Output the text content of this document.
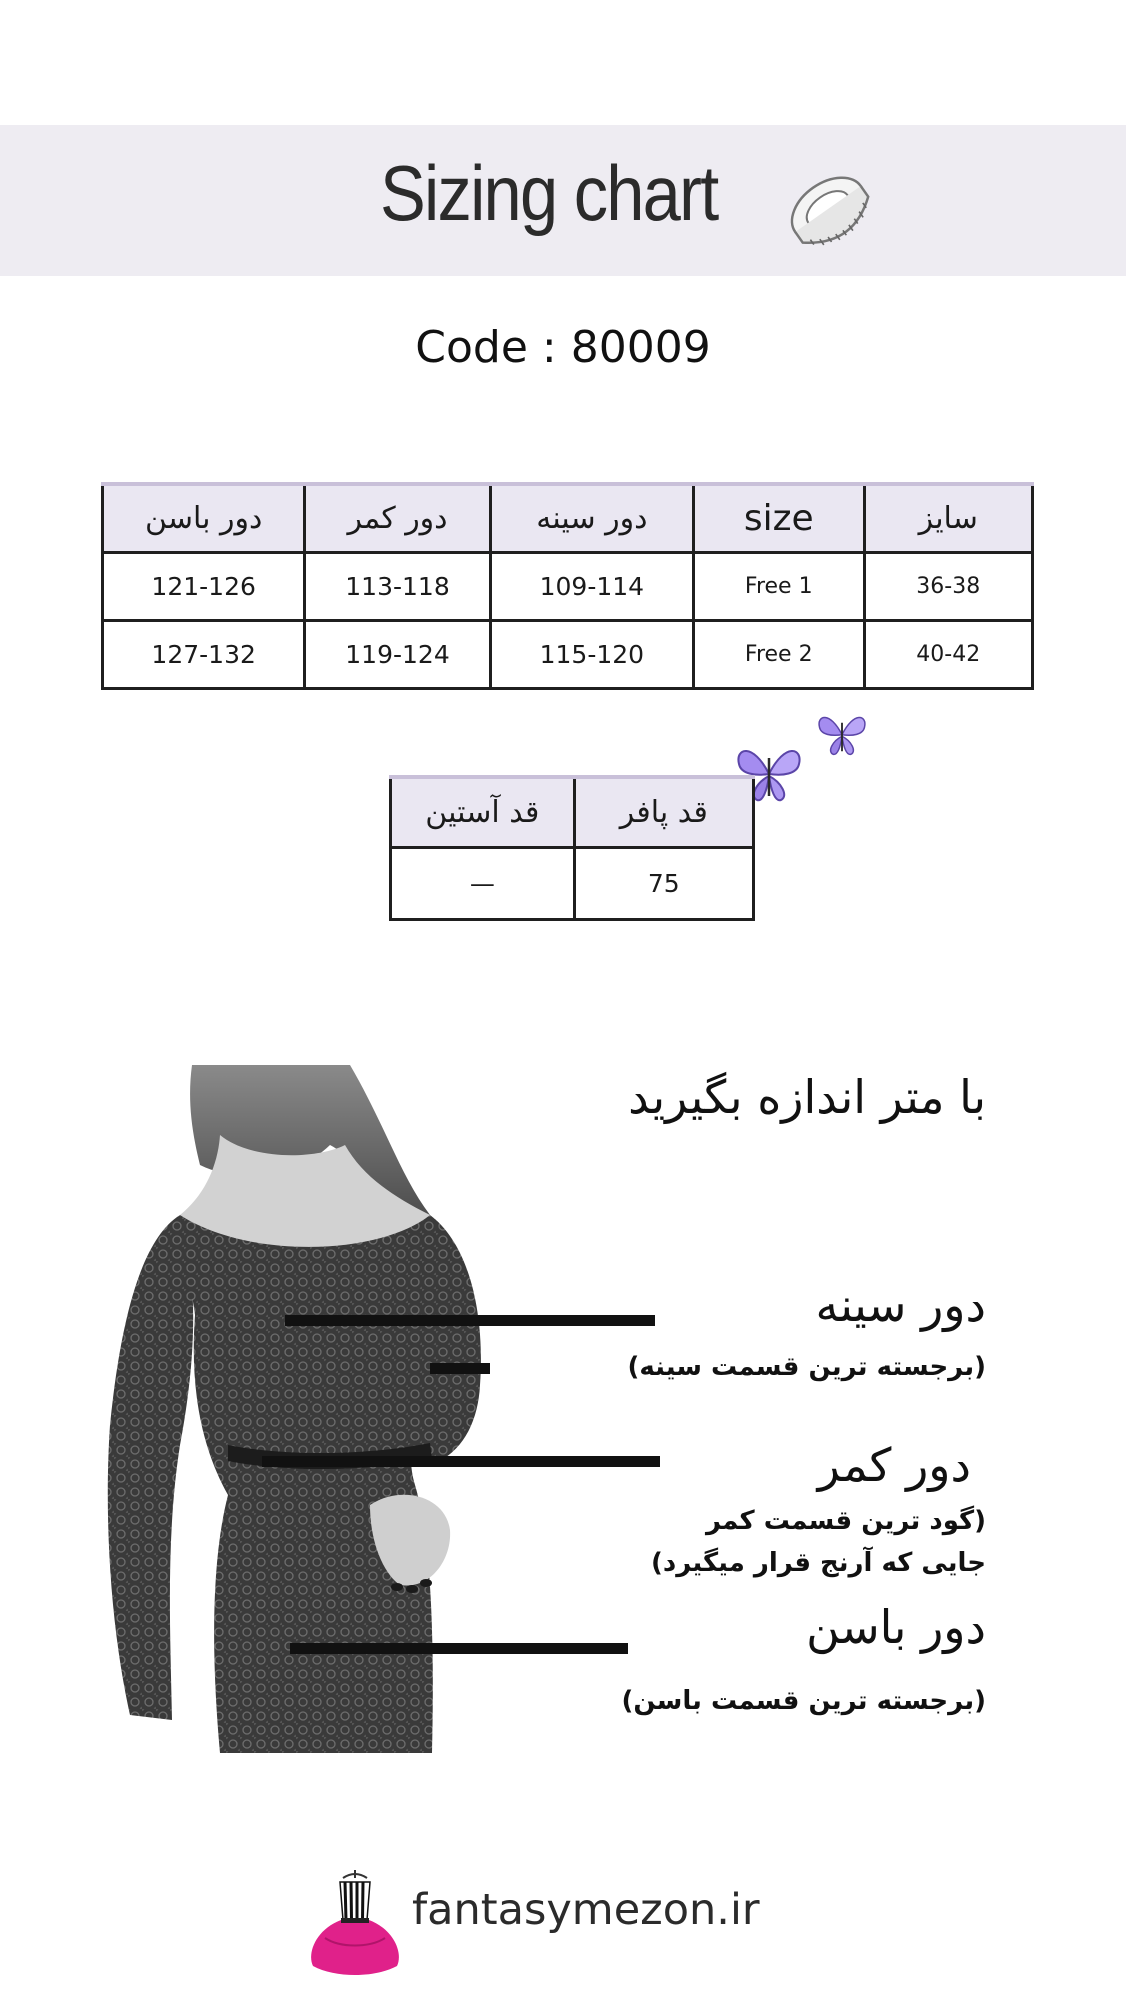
Sizing chart
Code : 80009
دور باسن	دور کمر	دور سینه	size	سایز
121-126	113-118	109-114	Free 1	36-38
127-132	119-124	115-120	Free 2	40-42
قد آستین	قد پافر
—	75
با متر اندازه بگیرید
دور سینه
(برجسته ترین قسمت سینه)
دور کمر
(گود ترین قسمت کمر
جایی که آرنج قرار میگیرد)
دور باسن
(برجسته ترین قسمت باسن)
fantasymezon.ir
